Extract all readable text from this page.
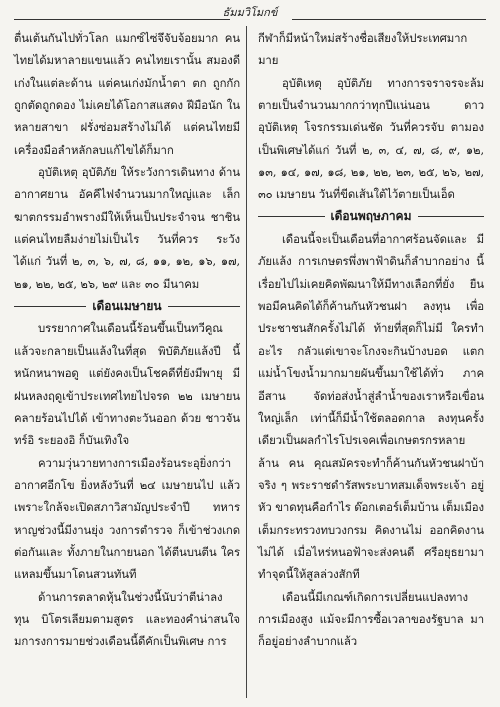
ธัมมวิโมกข์

ตื่นเต้นกันไปทั่วโลก แมกซ์ไซ่จึจับจ้อยมาก คนไทยได้มหาลายแขนแล้ว คนไทยเรานั้น สมองดีเก่งในแต่ละด้าน แต่คนเก่งมักน้ำตา ตก ถูกกักถูกตัดถูกดอง ไม่เคยได้โอกาสแสดง ฝีมือนัก ในหลายสาขา ฝรั่งซ่อมสร้างไม่ได้ แต่คนไทยมีเครื่องมือลำหลักลบแก้ไขได้ก็มาก

อุบัติเหตุ อุบัติภัย ให้ระวังการเดินทาง ด้านอากาศยาน อัคคีไฟจำนวนมากใหญ่และ เล็ก ฆาตกรรมอำพรางมีให้เห็นเป็นประจำจน ชาชิน แต่คนไทยลืมง่ายไม่เป็นไร วันที่ควร ระวัง ได้แก่ วันที่ ๒, ๓, ๖, ๗, ๘, ๑๑, ๑๒, ๑๖, ๑๗, ๒๑, ๒๒, ๒๕, ๒๖, ๒๙ และ ๓๐ มีนาคม

เดือนเมษายน

บรรยากาศในเดือนนี้ร้อนขึ้นเป็นทวีคูณ แล้วจะกลายเป็นแล้งในที่สุด พิบัติภัยแล้งปี นี้หนักหนาพอดู แต่ยังคงเป็นโชคดีที่ยังมีพายุ มีฝนหลงฤดูเข้าประเทศไทยไปจรด ๒๒ เมษายน คลายร้อนไปได้ เข้าทางตะวันออก ด้วย ชาวจันทร์อิ ระยองอิ ก็บันเทิงใจ

ความวุ่นวายทางการเมืองร้อนระอุยิ่งกว่า อากาศอีกโข ยิ่งหลังวันที่ ๒๔ เมษายนไป แล้ว เพราะใกล้จะเปิดสภาวิสามัญประจำปี ทหารหาญช่วงนี้มีงานยุ่ง วงการตำรวจ ก็เข้าช่วงเกดต่อกันและ ทั้งภายในกายนอก ได้ตีนบนตีน ใครแหลมขึ้นมาโดนสวนทันที

ด้านการตลาดหุ้นในช่วงนี้นับว่าตีน่าลง ทุน บิโตรเลียมตามสูตร และทองคำน่าสนใจ มการงการมายช่วงเดือนนี้ดีคักเป็นพิเศษ การ

กีฬาก็มีหน้าใหม่สร้างชื่อเสียงให้ประเทศมาก มาย

อุบัติเหตุ อุบัติภัย ทางการจราจรจะล้ม ตายเป็นจำนวนมากกว่าทุกปีแน่นอน ดาว อุบัติเหตุ โจรกรรมเด่นชัด วันที่ควรจับ ตามองเป็นพิเศษได้แก่ วันที่ ๒, ๓, ๔, ๗, ๘, ๙, ๑๒, ๑๓, ๑๔, ๑๗, ๑๘, ๒๑, ๒๒, ๒๓, ๒๕, ๒๖, ๒๗, ๓๐ เมษายน วันที่ขีดเส้นใต้ไว้ตายเป็นเอ็ด

เดือนพฤษภาคม

เดือนนี้จะเป็นเดือนที่อากาศร้อนจัดและ มีภัยแล้ง การเกษตรพึ่งพาฟ้าดินก็ลำบากอย่าง นี้เรื่อยไปไม่เคยคิดพัฒนาให้มีทางเลือกที่ยั่ง ยืน พอมีคนคิดได้ก็ค้านกันหัวชนฝา ลงทุน เพื่อประชาชนสักครั้งไม่ได้ ท้ายที่สุดก็ไม่มี ใครทำอะไร กลัวแต่เขาจะโกงจะกินบ้างบอด แตก แม่น้ำโขงน้ำมากมายผันขึ้นมาใช้ได้ทั่ว ภาคอีสาน จัดท่อส่งน้ำสู่ลำน้ำของเราหรือเขื่อน ใหญ่เล็ก เท่านี้ก็มีน้ำใช้ตลอดกาล ลงทุนครั้ง เดียวเป็นผลกำไรโปรเจคเพื่อเกษตรกรหลายล้าน คน คุณสมัครจะทำก็ค้านกันหัวชนฝาบ้า จริง ๆ พระราชดำรัสพระบาทสมเด็จพระเจ้า อยู่หัว ขาดทุนคือกำไร ด๊อกเตอร์เต็มบ้าน เต็มเมืองเต็มกระทรวงทบวงกรม คิดงานไม่ ออกคิดงานไม่ได้ เมื่อไหร่หนอฟ้าจะส่งคนดี ศรีอยุธยามาทำจุดนี้ให้สูลล่วงสักที

เดือนนี้มีเกณฑ์เกิดการเปลี่ยนแปลงทาง การเมืองสูง แม้จะมีการซื้อเวลาของรัฐบาล มาก็อยู่อย่างลำบากแล้ว
